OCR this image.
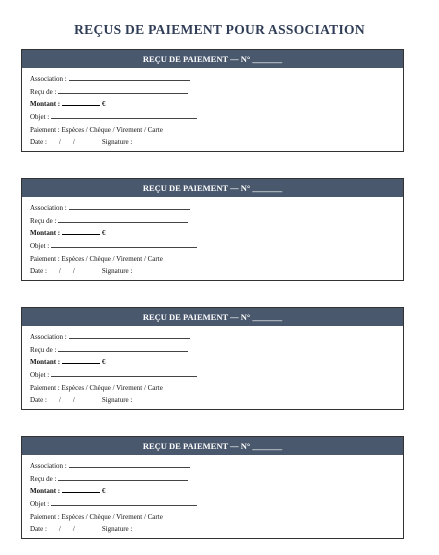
REÇUS DE PAIEMENT POUR ASSOCIATION
REÇU DE PAIEMENT — N° _______
Association :
Reçu de :
Montant :	€
Objet :
Paiement : Espèces / Chèque / Virement / Carte
Date : / /	Signature :
REÇU DE PAIEMENT — N° _______
Association :
Reçu de :
Montant :	€
Objet :
Paiement : Espèces / Chèque / Virement / Carte
Date : / /	Signature :
REÇU DE PAIEMENT — N° _______
Association :
Reçu de :
Montant :	€
Objet :
Paiement : Espèces / Chèque / Virement / Carte
Date : / /	Signature :
REÇU DE PAIEMENT — N° _______
Association :
Reçu de :
Montant :	€
Objet :
Paiement : Espèces / Chèque / Virement / Carte
Date : / /	Signature :
